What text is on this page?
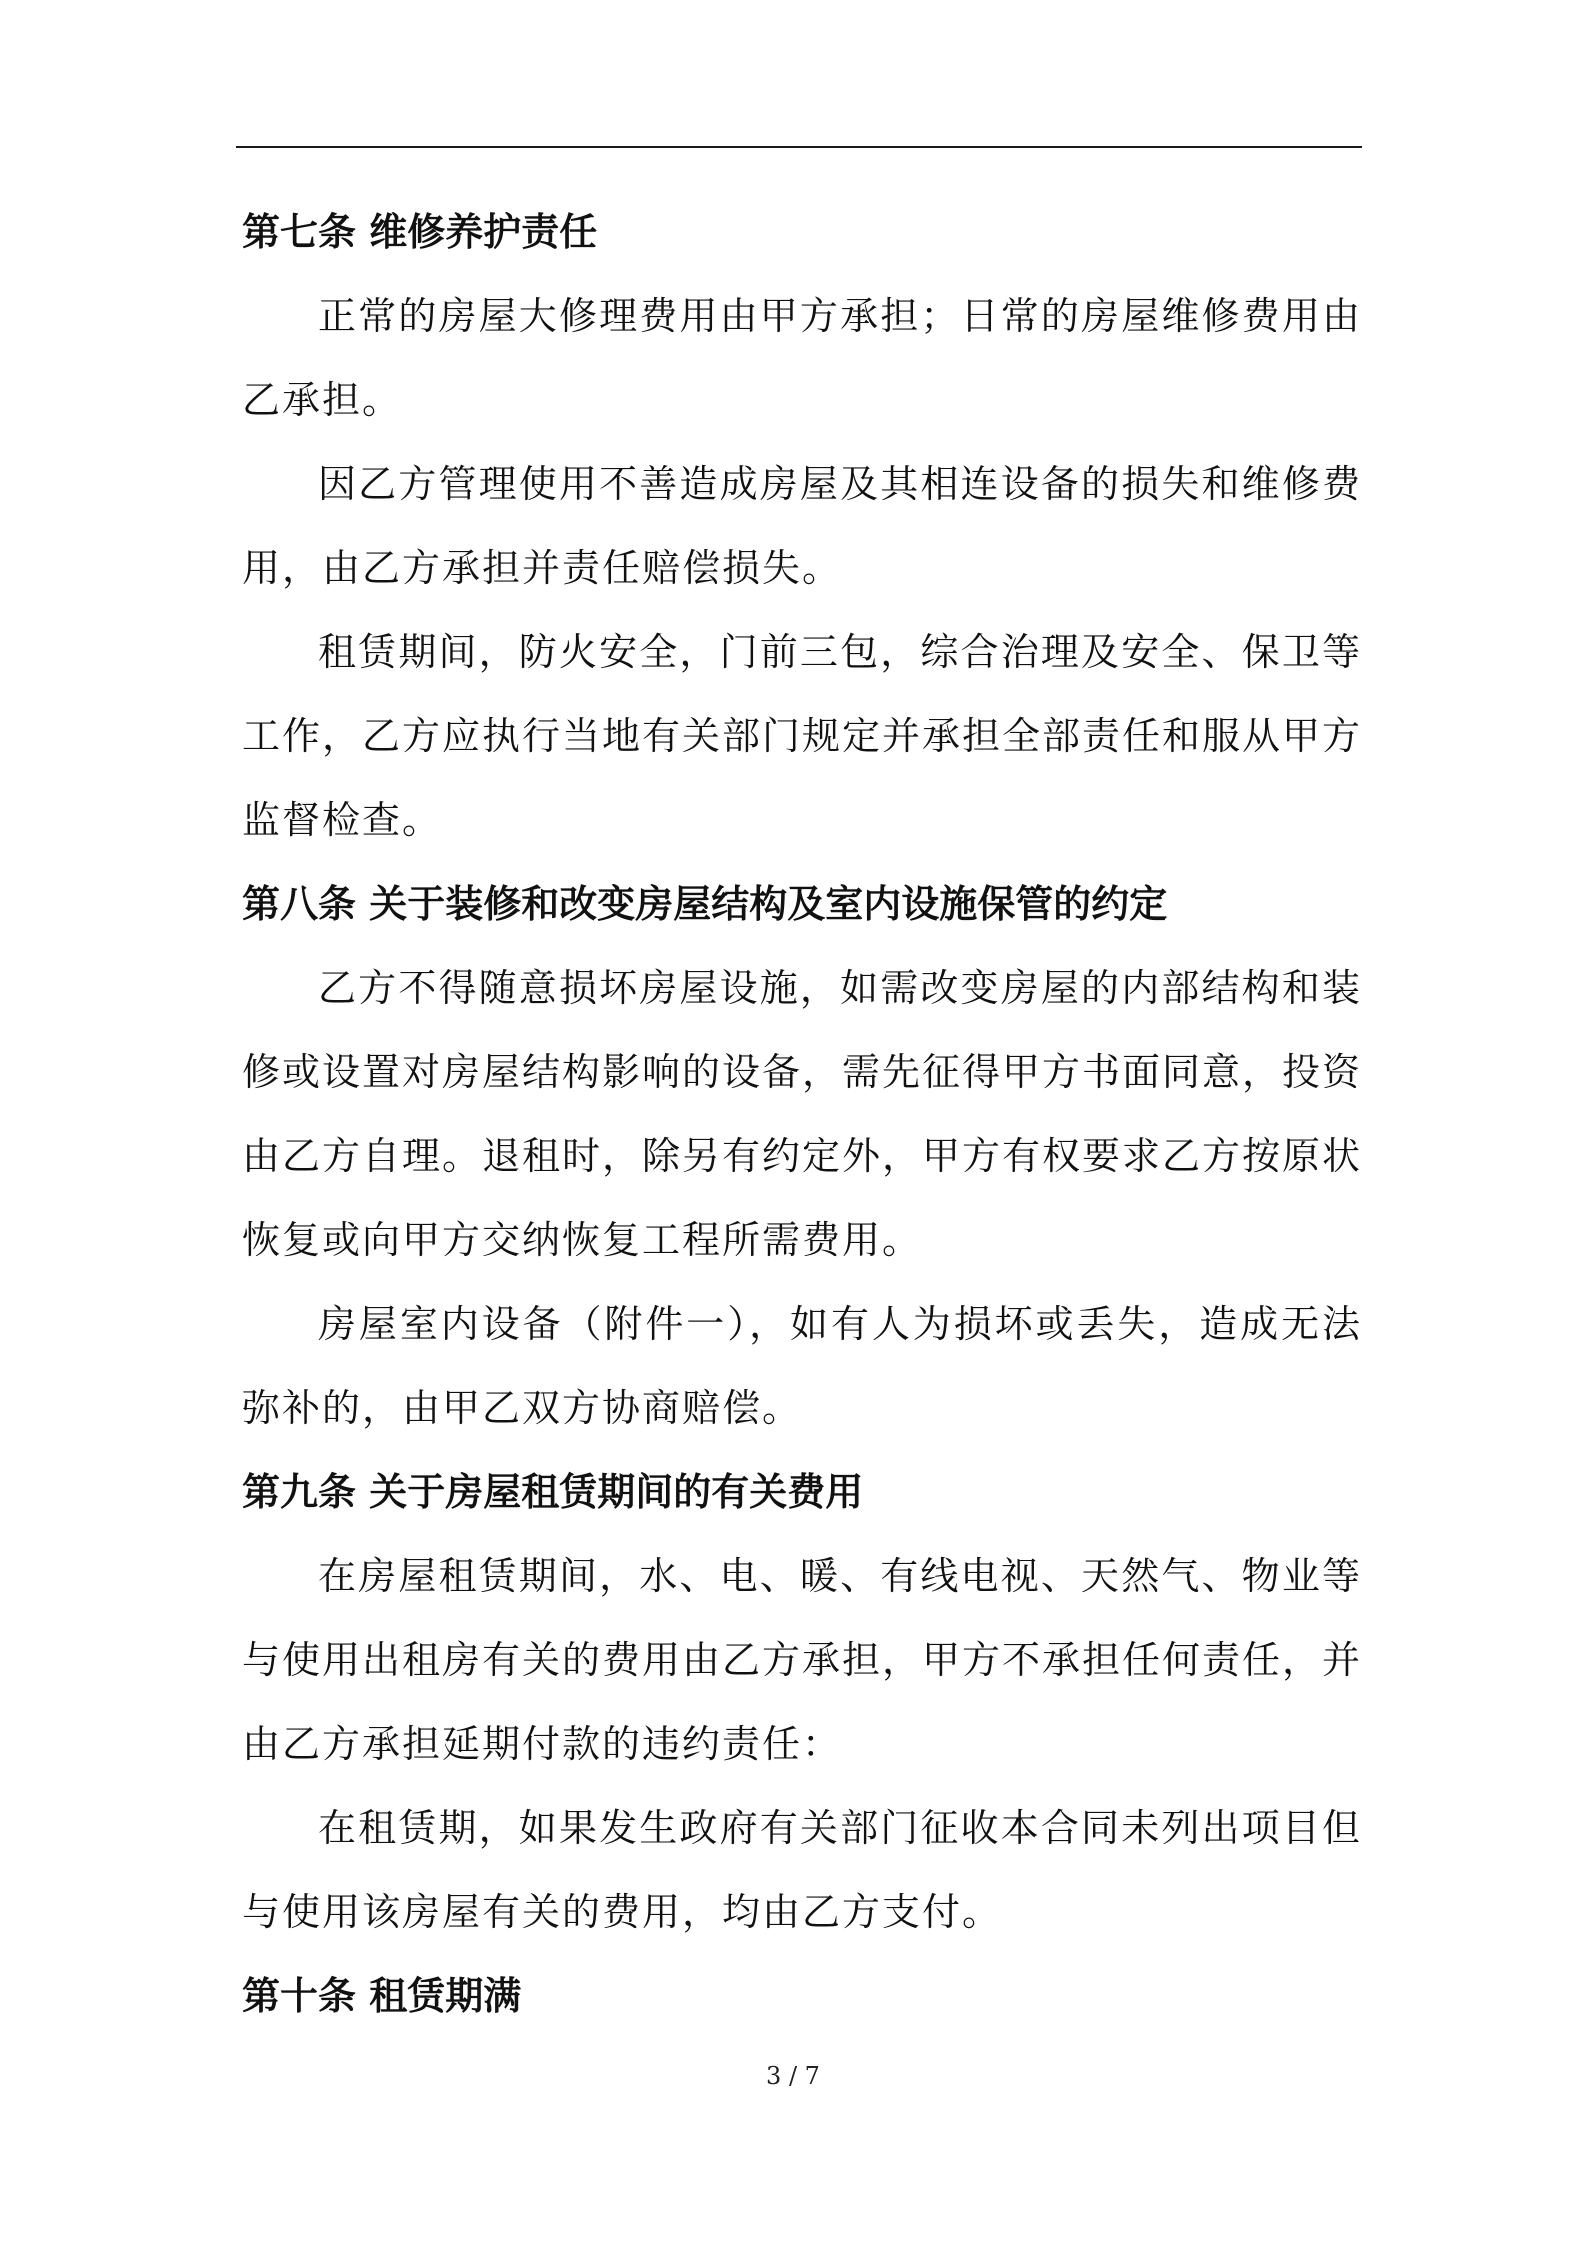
第七条 维修养护责任

正常的房屋大修理费用由甲方承担；日常的房屋维修费用由乙承担。

因乙方管理使用不善造成房屋及其相连设备的损失和维修费用，由乙方承担并责任赔偿损失。

租赁期间，防火安全，门前三包，综合治理及安全、保卫等工作，乙方应执行当地有关部门规定并承担全部责任和服从甲方监督检查。

第八条 关于装修和改变房屋结构及室内设施保管的约定

乙方不得随意损坏房屋设施，如需改变房屋的内部结构和装修或设置对房屋结构影响的设备，需先征得甲方书面同意，投资由乙方自理。退租时，除另有约定外，甲方有权要求乙方按原状恢复或向甲方交纳恢复工程所需费用。

房屋室内设备（附件一），如有人为损坏或丢失，造成无法弥补的，由甲乙双方协商赔偿。

第九条 关于房屋租赁期间的有关费用

在房屋租赁期间，水、电、暖、有线电视、天然气、物业等与使用出租房有关的费用由乙方承担，甲方不承担任何责任，并由乙方承担延期付款的违约责任：

在租赁期，如果发生政府有关部门征收本合同未列出项目但与使用该房屋有关的费用，均由乙方支付。

第十条 租赁期满

3 / 7
